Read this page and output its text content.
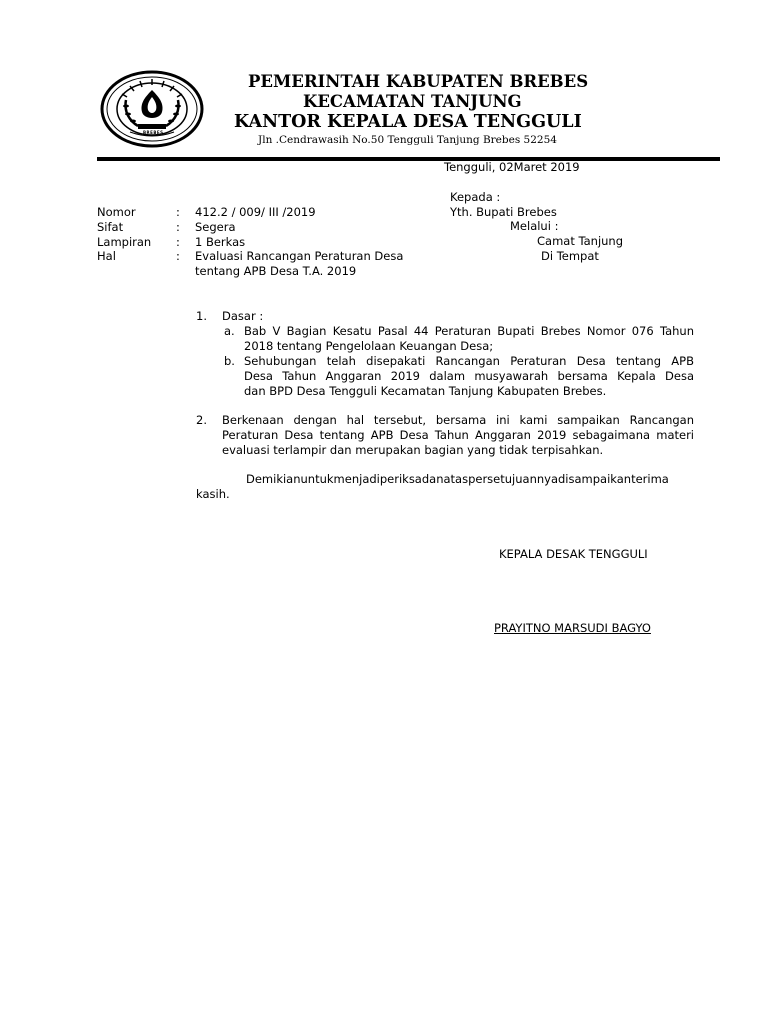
BREBES
PEMERINTAH KABUPATEN BREBES
KECAMATAN TANJUNG
KANTOR KEPALA DESA TENGGULI
Jln .Cendrawasih No.50 Tengguli Tanjung Brebes 52254
Tengguli, 02Maret 2019
Kepada :
Yth. Bupati Brebes
Melalui :
Camat Tanjung
Di Tempat
Nomor	: 412.2 / 009/ III /2019
Sifat	: Segera
Lampiran : 1 Berkas
Hal	: Evaluasi Rancangan Peraturan Desa
tentang APB Desa T.A. 2019
1. Dasar :
a. Bab V Bagian Kesatu Pasal 44 Peraturan Bupati Brebes Nomor 076 Tahun
2018 tentang Pengelolaan Keuangan Desa;
b. Sehubungan telah disepakati Rancangan Peraturan Desa tentang APB
Desa Tahun Anggaran 2019 dalam musyawarah bersama Kepala Desa
dan BPD Desa Tengguli Kecamatan Tanjung Kabupaten Brebes.
2. Berkenaan dengan hal tersebut, bersama ini kami sampaikan Rancangan
Peraturan Desa tentang APB Desa Tahun Anggaran 2019 sebagaimana materi
evaluasi terlampir dan merupakan bagian yang tidak terpisahkan.
Demikianuntukmenjadiperiksadanataspersetujuannyadisampaikanterima
kasih.
KEPALA DESAK TENGGULI
PRAYITNO MARSUDI BAGYO
